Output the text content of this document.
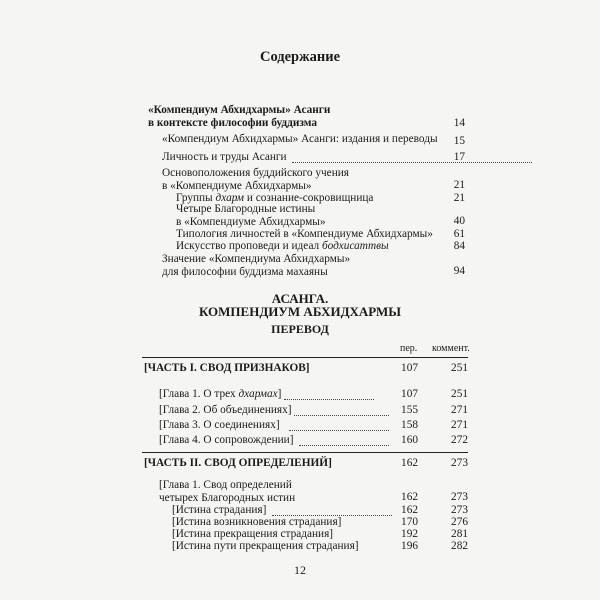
Содержание
«Компендиум Абхидхармы» Асанги
в контексте философии буддизма	14
«Компендиум Абхидхармы» Асанги: издания и переводы	15
Личность и труды Асанги	17
Основоположения буддийского учения
в «Компендиуме Абхидхармы»	21
Группы дхарм и сознание-сокровищница	21
Четыре Благородные истины
в «Компендиуме Абхидхармы»	40
Типология личностей в «Компендиуме Абхидхармы»	61
Искусство проповеди и идеал бодхисаттвы	84
Значение «Компендиума Абхидхармы»
для философии буддизма махаяны	94
АСАНГА.
КОМПЕНДИУМ АБХИДХАРМЫ
ПЕРЕВОД
пер. коммент.
[ЧАСТЬ I. СВОД ПРИЗНАКОВ]	107	251
[Глава 1. О трех дхармах]	107	251
[Глава 2. Об объединениях]	155	271
[Глава 3. О соединениях]	158	271
[Глава 4. О сопровождении]	160	272
[ЧАСТЬ II. СВОД ОПРЕДЕЛЕНИЙ]	162	273
[Глава 1. Свод определений
четырех Благородных истин	162	273
[Истина страдания]	162	273
[Истина возникновения страдания]	170	276
[Истина прекращения страдания]	192	281
[Истина пути прекращения страдания]	196	282
12
